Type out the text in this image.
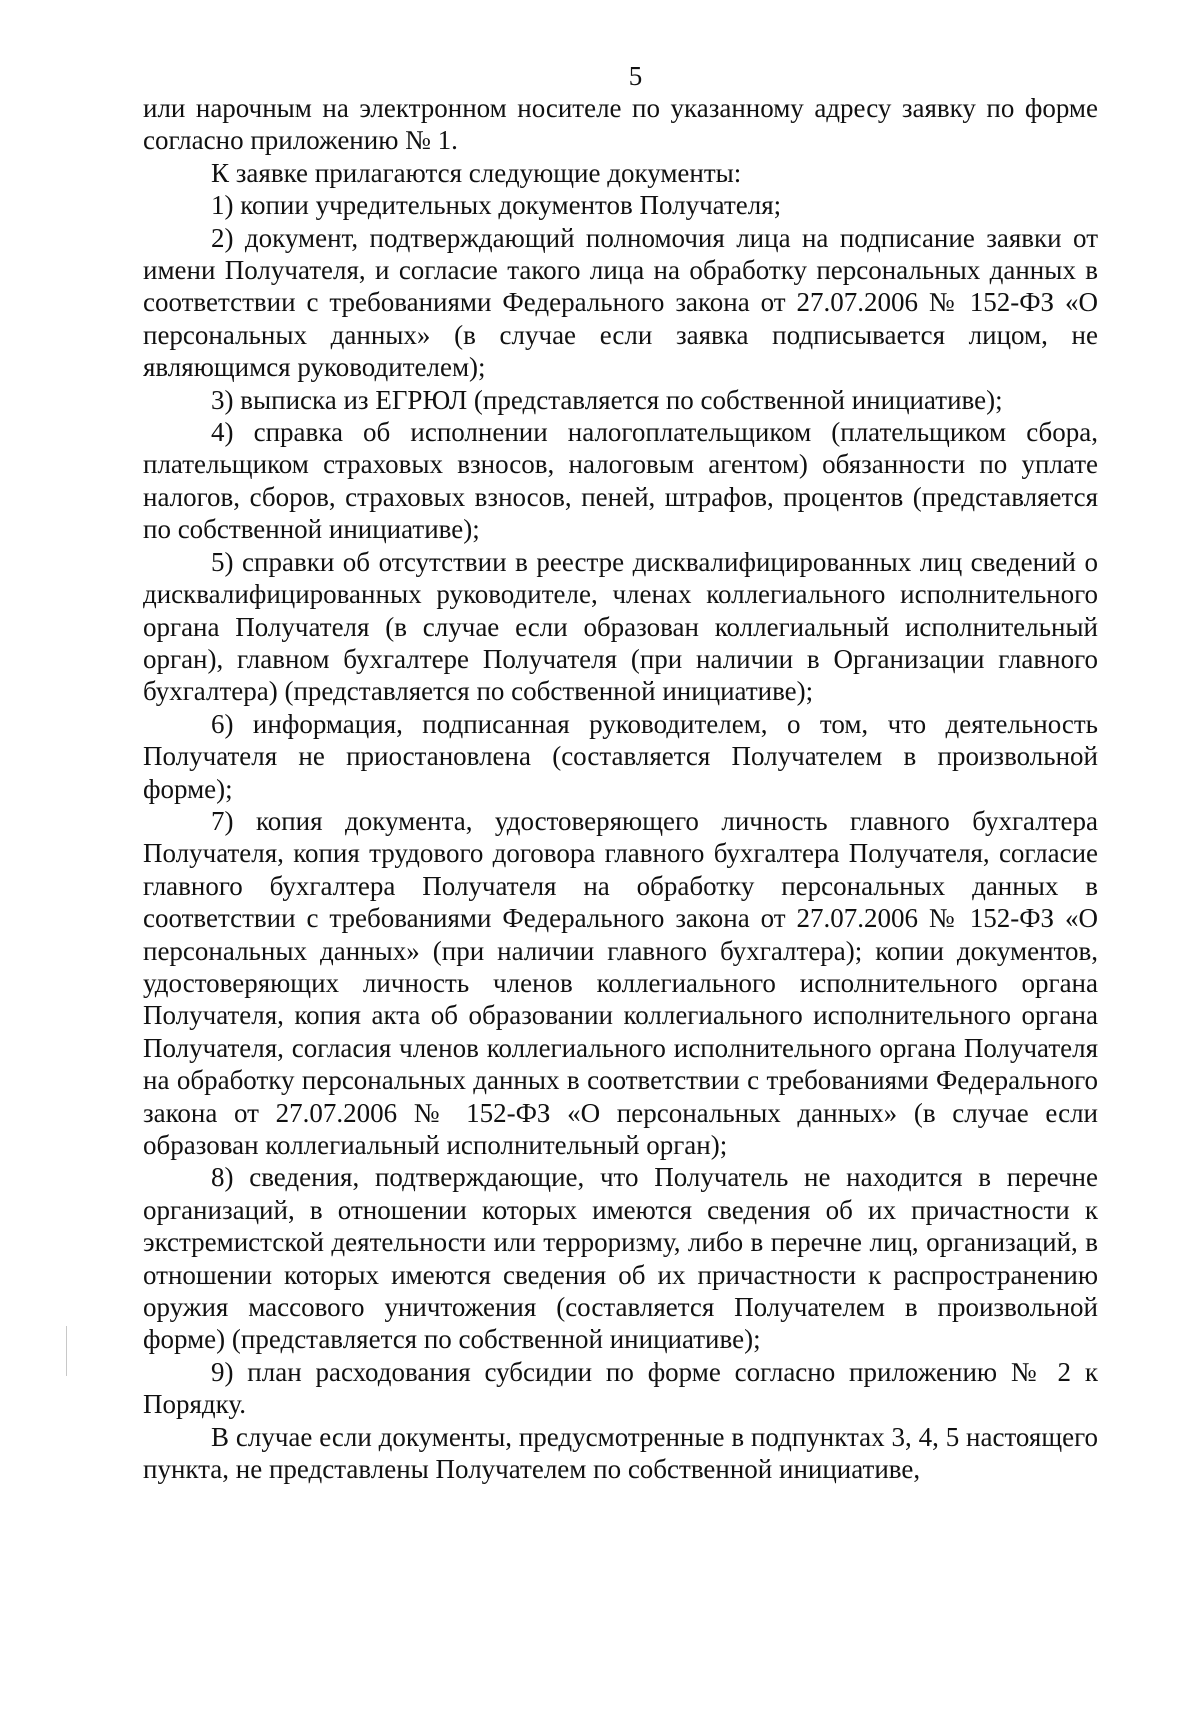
5

или нарочным на электронном носителе по указанному адресу заявку по форме согласно приложению № 1.

К заявке прилагаются следующие документы:

1) копии учредительных документов Получателя;

2) документ, подтверждающий полномочия лица на подписание заявки от имени Получателя, и согласие такого лица на обработку персональных данных в соответствии с требованиями Федерального закона от 27.07.2006 № 152-ФЗ «О персональных данных» (в случае если заявка подписывается лицом, не являющимся руководителем);

3) выписка из ЕГРЮЛ (представляется по собственной инициативе);

4) справка об исполнении налогоплательщиком (плательщиком сбора, плательщиком страховых взносов, налоговым агентом) обязанности по уплате налогов, сборов, страховых взносов, пеней, штрафов, процентов (представляется по собственной инициативе);

5) справки об отсутствии в реестре дисквалифицированных лиц сведений о дисквалифицированных руководителе, членах коллегиального исполнительного органа Получателя (в случае если образован коллегиальный исполнительный орган), главном бухгалтере Получателя (при наличии в Организации главного бухгалтера) (представляется по собственной инициативе);

6) информация, подписанная руководителем, о том, что деятельность Получателя не приостановлена (составляется Получателем в произвольной форме);

7) копия документа, удостоверяющего личность главного бухгалтера Получателя, копия трудового договора главного бухгалтера Получателя, согласие главного бухгалтера Получателя на обработку персональных данных в соответствии с требованиями Федерального закона от 27.07.2006 № 152-ФЗ «О персональных данных» (при наличии главного бухгалтера); копии документов, удостоверяющих личность членов коллегиального исполнительного органа Получателя, копия акта об образовании коллегиального исполнительного органа Получателя, согласия членов коллегиального исполнительного органа Получателя на обработку персональных данных в соответствии с требованиями Федерального закона от 27.07.2006 № 152-ФЗ «О персональных данных» (в случае если образован коллегиальный исполнительный орган);

8) сведения, подтверждающие, что Получатель не находится в перечне организаций, в отношении которых имеются сведения об их причастности к экстремистской деятельности или терроризму, либо в перечне лиц, организаций, в отношении которых имеются сведения об их причастности к распространению оружия массового уничтожения (составляется Получателем в произвольной форме) (представляется по собственной инициативе);

9) план расходования субсидии по форме согласно приложению № 2 к Порядку.

В случае если документы, предусмотренные в подпунктах 3, 4, 5 настоящего пункта, не представлены Получателем по собственной инициативе,
